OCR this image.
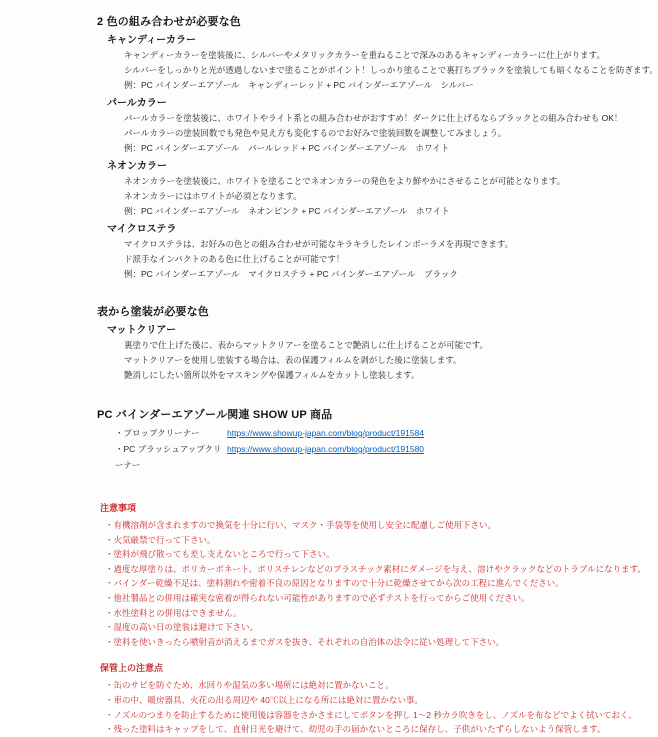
2 色の組み合わせが必要な色
キャンディーカラー
キャンディーカラーを塗装後に、シルバーやメタリックカラーを重ねることで深みのあるキャンディーカラーに仕上がります。
シルバーをしっかりと光が透過しないまで塗ることがポイント！しっかり塗ることで裏打ちブラックを塗装しても暗くなることを防ぎます。
例：PC バインダーエアゾール　キャンディーレッド + PC バインダーエアゾール　シルバー
パールカラー
パールカラーを塗装後に、ホワイトやライト系との組み合わせがおすすめ！ダークに仕上げるならブラックとの組み合わせも OK！
パールカラーの塗装回数でも発色や見え方も変化するのでお好みで塗装回数を調整してみましょう。
例：PC バインダーエアゾール　パールレッド + PC バインダーエアゾール　ホワイト
ネオンカラー
ネオンカラーを塗装後に、ホワイトを塗ることでネオンカラーの発色をより鮮やかにさせることが可能となります。
ネオンカラーにはホワイトが必須となります。
例：PC バインダーエアゾール　ネオンピンク + PC バインダーエアゾール　ホワイト
マイクロステラ
マイクロステラは、お好みの色との組み合わせが可能なキラキラしたレインボーラメを再現できます。
ド派手なインパクトのある色に仕上げることが可能です！
例：PC バインダーエアゾール　マイクロステラ + PC バインダーエアゾール　ブラック
表から塗装が必要な色
マットクリアー
裏塗りで仕上げた後に、表からマットクリアーを塗ることで艶消しに仕上げることが可能です。
マットクリアーを使用し塗装する場合は、表の保護フィルムを剥がした後に塗装します。
艶消しにしたい箇所以外をマスキングや保護フィルムをカットし塗装します。
PC バインダーエアゾール関連 SHOW UP 商品
・プロップクリーナー	https://www.showup-japan.com/blog/product/191584
・PC ブラッシュアップクリーナー
https://www.showup-japan.com/blog/product/191580
注意事項
・有機溶剤が含まれますので換気を十分に行い、マスク・手袋等を使用し安全に配慮しご使用下さい。
・火気厳禁で行って下さい。
・塗料が飛び散っても差し支えないところで行って下さい。
・過度な厚塗りは、ポリカーボネート、ポリスチレンなどのプラスチック素材にダメージを与え、溶けやクラックなどのトラブルになります。
・バインダー乾燥不足は、塗料割れや密着不良の原因となりますので十分に乾燥させてから次の工程に進んでください。
・他社製品との併用は確実な密着が得られない可能性がありますので必ずテストを行ってからご使用ください。
・水性塗料との併用はできません。
・湿度の高い日の塗装は避けて下さい。
・塗料を使いきったら噴射音が消えるまでガスを抜き、それぞれの自治体の法令に従い処理して下さい。
保管上の注意点
・缶のサビを防ぐため、水回りや湿気の多い場所には絶対に置かないこと。
・車の中、暖房器具、火花の出る周辺や 40℃以上になる所には絶対に置かない事。
・ノズルのつまりを防止するために使用後は容器をさかさまにしてボタンを押し 1～2 秒カラ吹きをし、ノズルを布などでよく拭いておく。
・残った塗料はキャップをして、直射日光を避けて、幼児の手の届かないところに保存し、子供がいたずらしないよう保管します。
